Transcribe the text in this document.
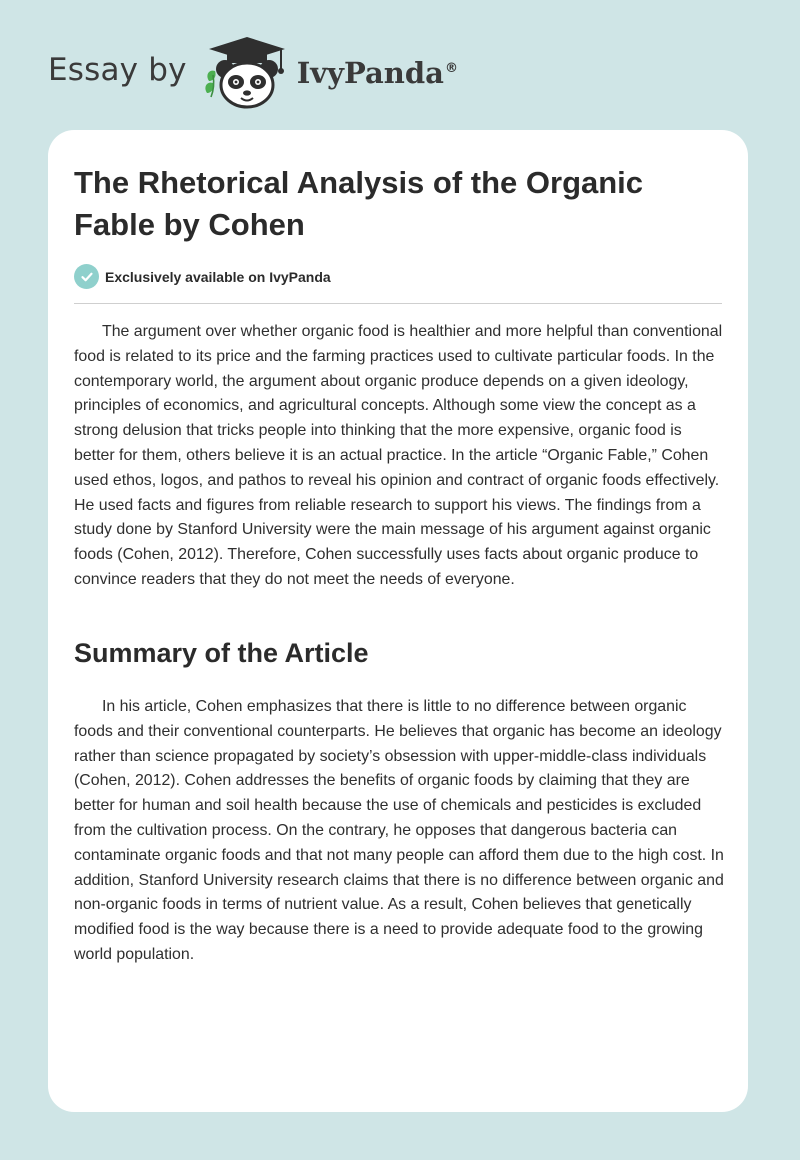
Essay by	IvyPanda®
The Rhetorical Analysis of the Organic Fable by Cohen
Exclusively available on IvyPanda

The argument over whether organic food is healthier and more helpful than conventional food is related to its price and the farming practices used to cultivate particular foods. In the contemporary world, the argument about organic produce depends on a given ideology, principles of economics, and agricultural concepts. Although some view the concept as a strong delusion that tricks people into thinking that the more expensive, organic food is better for them, others believe it is an actual practice. In the article “Organic Fable,” Cohen used ethos, logos, and pathos to reveal his opinion and contract of organic foods effectively. He used facts and figures from reliable research to support his views. The findings from a study done by Stanford University were the main message of his argument against organic foods (Cohen, 2012). Therefore, Cohen successfully uses facts about organic produce to convince readers that they do not meet the needs of everyone.

Summary of the Article

In his article, Cohen emphasizes that there is little to no difference between organic foods and their conventional counterparts. He believes that organic has become an ideology rather than science propagated by society’s obsession with upper-middle-class individuals (Cohen, 2012). Cohen addresses the benefits of organic foods by claiming that they are better for human and soil health because the use of chemicals and pesticides is excluded from the cultivation process. On the contrary, he opposes that dangerous bacteria can contaminate organic foods and that not many people can afford them due to the high cost. In addition, Stanford University research claims that there is no difference between organic and non-organic foods in terms of nutrient value. As a result, Cohen believes that genetically modified food is the way because there is a need to provide adequate food to the growing world population.
